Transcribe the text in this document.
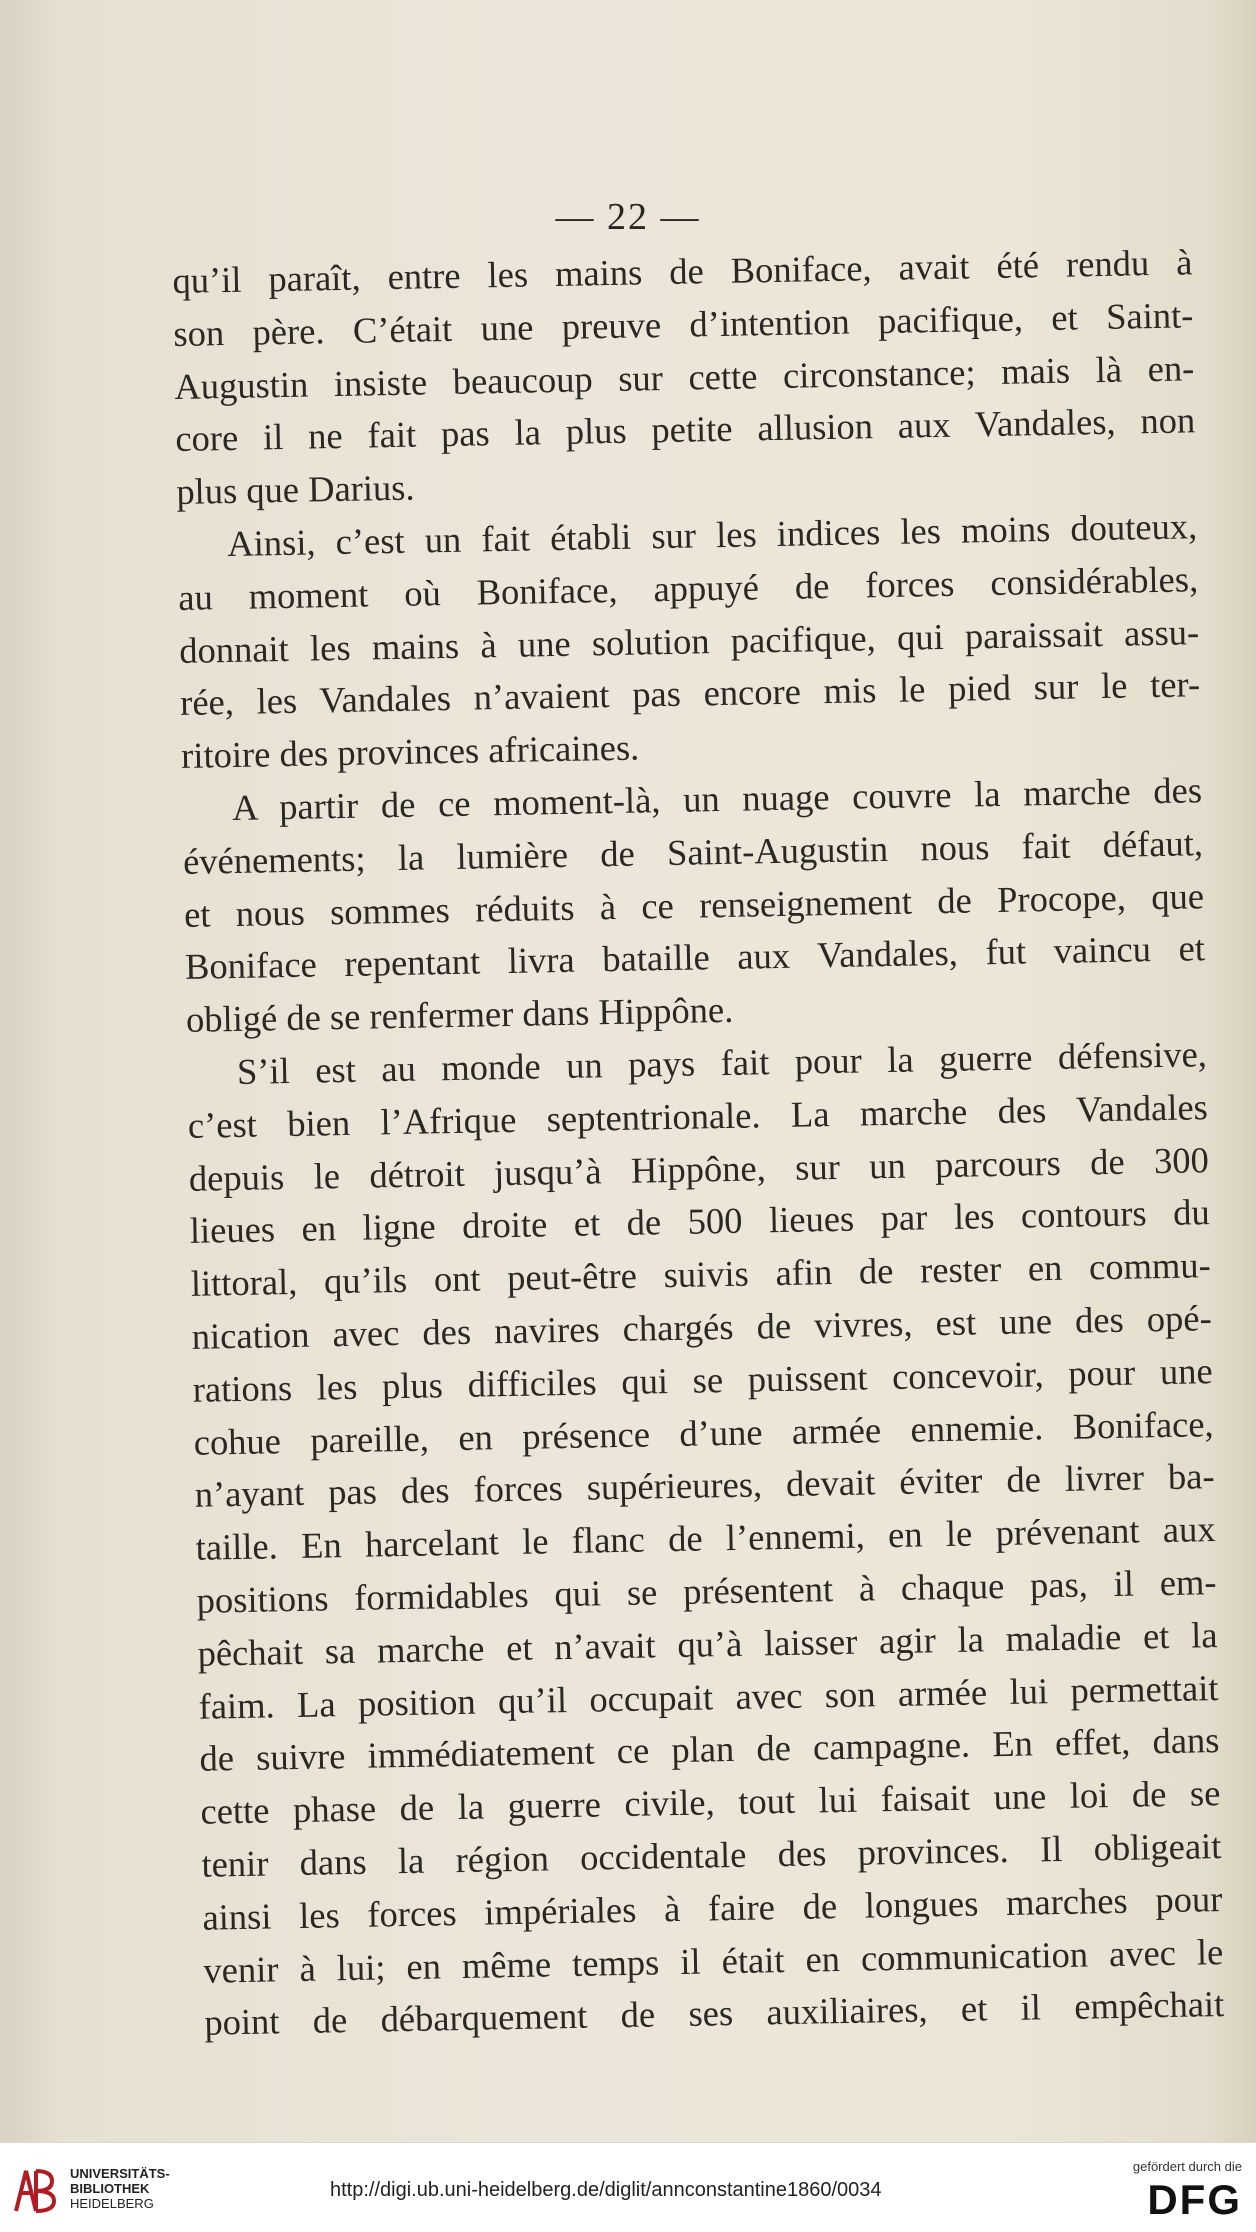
— 22 —
qu’il paraît, entre les mains de Boniface, avait été rendu à
son père. C’était une preuve d’intention pacifique, et Saint-
Augustin insiste beaucoup sur cette circonstance; mais là en-
core il ne fait pas la plus petite allusion aux Vandales, non
plus que Darius.
Ainsi, c’est un fait établi sur les indices les moins douteux,
au moment où Boniface, appuyé de forces considérables,
donnait les mains à une solution pacifique, qui paraissait assu-
rée, les Vandales n’avaient pas encore mis le pied sur le ter-
ritoire des provinces africaines.
A partir de ce moment-là, un nuage couvre la marche des
événements; la lumière de Saint-Augustin nous fait défaut,
et nous sommes réduits à ce renseignement de Procope, que
Boniface repentant livra bataille aux Vandales, fut vaincu et
obligé de se renfermer dans Hippône.
S’il est au monde un pays fait pour la guerre défensive,
c’est bien l’Afrique septentrionale. La marche des Vandales
depuis le détroit jusqu’à Hippône, sur un parcours de 300
lieues en ligne droite et de 500 lieues par les contours du
littoral, qu’ils ont peut-être suivis afin de rester en commu-
nication avec des navires chargés de vivres, est une des opé-
rations les plus difficiles qui se puissent concevoir, pour une
cohue pareille, en présence d’une armée ennemie. Boniface,
n’ayant pas des forces supérieures, devait éviter de livrer ba-
taille. En harcelant le flanc de l’ennemi, en le prévenant aux
positions formidables qui se présentent à chaque pas, il em-
pêchait sa marche et n’avait qu’à laisser agir la maladie et la
faim. La position qu’il occupait avec son armée lui permettait
de suivre immédiatement ce plan de campagne. En effet, dans
cette phase de la guerre civile, tout lui faisait une loi de se
tenir dans la région occidentale des provinces. Il obligeait
ainsi les forces impériales à faire de longues marches pour
venir à lui; en même temps il était en communication avec le
point de débarquement de ses auxiliaires, et il empêchait
UNIVERSITÄTS-
BIBLIOTHEK
HEIDELBERG
http://digi.ub.uni-heidelberg.de/diglit/annconstantine1860/0034
gefördert durch die
DFG
